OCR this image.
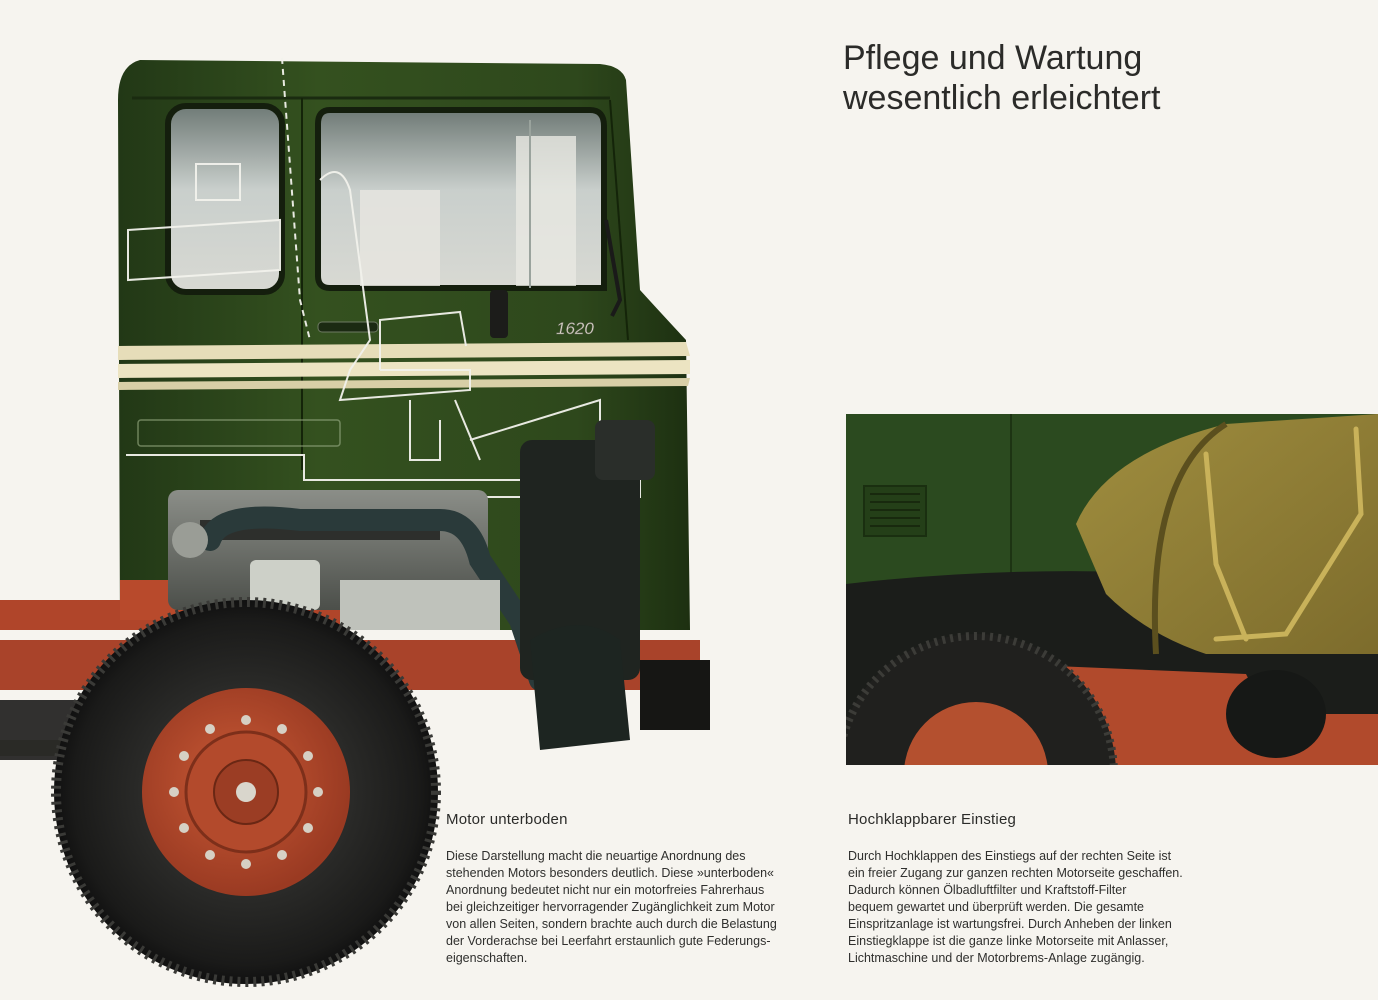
1620
Pflege und Wartung
wesentlich erleichtert
Motor unterboden

Diese Darstellung macht die neuartige Anordnung des
stehenden Motors besonders deutlich. Diese »unterboden«
Anordnung bedeutet nicht nur ein motorfreies Fahrerhaus
bei gleichzeitiger hervorragender Zugänglichkeit zum Motor
von allen Seiten, sondern brachte auch durch die Belastung
der Vorderachse bei Leerfahrt erstaunlich gute Federungs-
eigenschaften.

Hochklappbarer Einstieg

Durch Hochklappen des Einstiegs auf der rechten Seite ist
ein freier Zugang zur ganzen rechten Motorseite geschaffen.
Dadurch können Ölbadluftfilter und Kraftstoff-Filter
bequem gewartet und überprüft werden. Die gesamte
Einspritzanlage ist wartungsfrei. Durch Anheben der linken
Einstiegklappe ist die ganze linke Motorseite mit Anlasser,
Lichtmaschine und der Motorbrems-Anlage zugängig.
